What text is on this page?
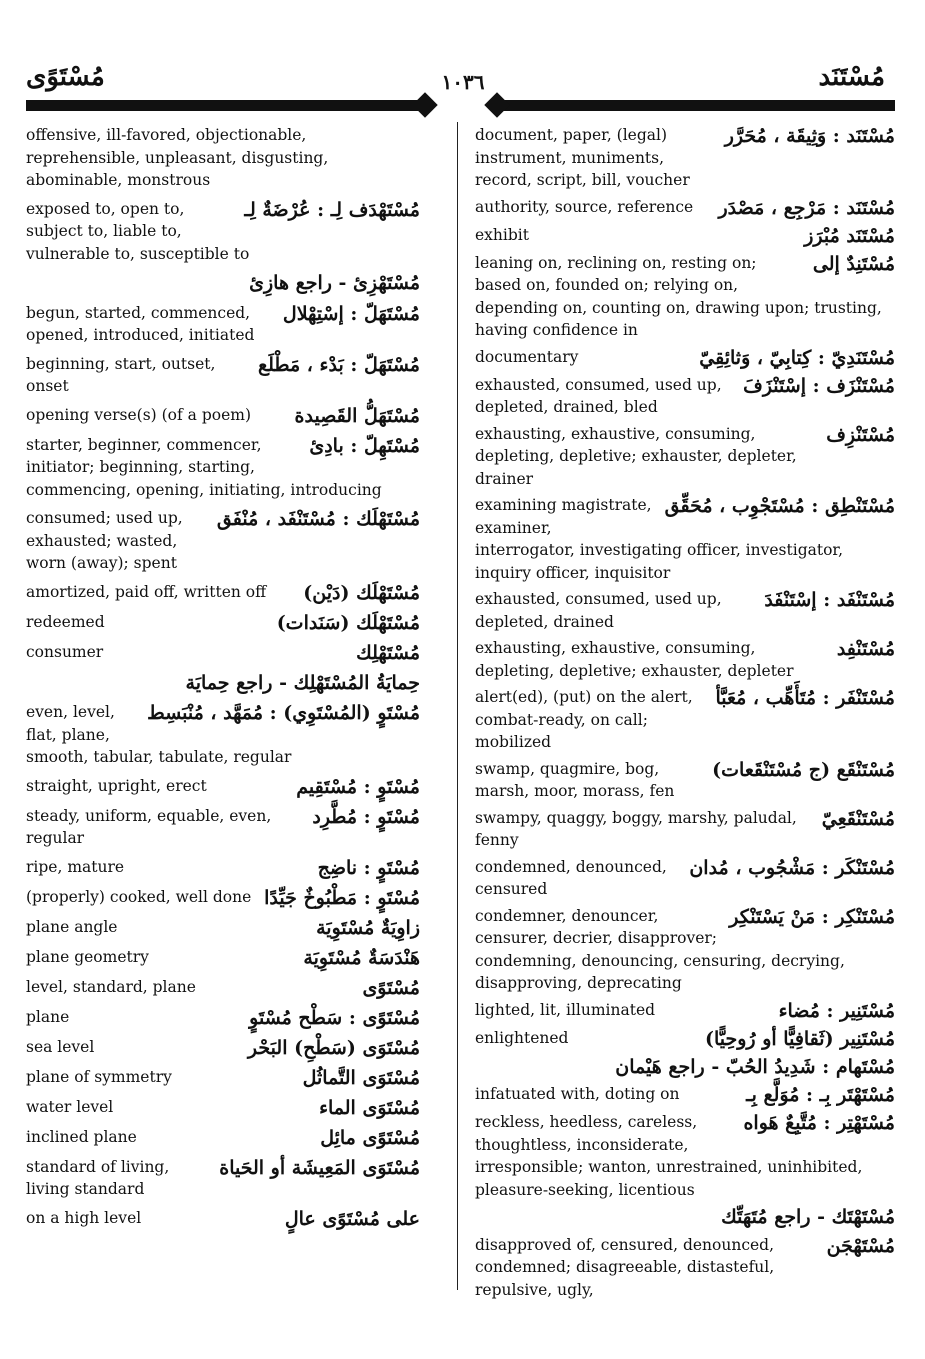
مُسْتَوًى	١٠٣٦	مُسْتَنَد
offensive, ill-favored, objectionable, reprehensible, unpleasant, disgusting, abominable, monstrous
مُسْتَهْدَف لِـ : عُرْضَةٌ لِـ
exposed to, open to, subject to, liable to, vulnerable to, susceptible to
مُسْتَهْزِئ - راجع هازِئ
مُسْتَهَلّ : إسْتِهْلال
begun, started, commenced, opened, introduced, initiated
مُسْتَهَلّ : بَدْء ، مَطْلَع
beginning, start, outset, onset
مُسْتَهَلُّ القَصِيدة
opening verse(s) (of a poem)
مُسْتَهِلّ : بادِئ
starter, beginner, commencer, initiator; beginning, starting, commencing, opening, initiating, introducing
مُسْتَهْلَك : مُسْتَنْفَد ، مُنْفَق
consumed; used up, exhausted; wasted, worn (away); spent
مُسْتَهْلَك (دَيْن)
amortized, paid off, written off
مُسْتَهْلَك (سَنَدات)
redeemed
مُسْتَهْلِك
consumer
حِمايَةُ المُسْتَهْلِك - راجع حِمايَة
مُسْتَوٍ (المُسْتَوِي) : مُمَهَّد ، مُنْبَسِط
even, level, flat, plane, smooth, tabular, tabulate, regular
مُسْتَوٍ : مُسْتَقِيم
straight, upright, erect
مُسْتَوٍ : مُطَّرِد
steady, uniform, equable, even, regular
مُسْتَوٍ : ناضِج
ripe, mature
مُسْتَوٍ : مَطْبُوخٌ جَيِّدًا
(properly) cooked, well done
زاوِيَةٌ مُسْتَوِيَة
plane angle
هَنْدَسَةٌ مُسْتَوِيَة
plane geometry
مُسْتَوًى
level, standard, plane
مُسْتَوًى : سَطْح مُسْتَوٍ
plane
مُسْتَوَى (سَطْحِ) البَحْر
sea level
مُسْتَوَى التَّماثُل
plane of symmetry
مُسْتَوَى الماء
water level
مُسْتَوًى مائِل
inclined plane
مُسْتَوَى المَعِيشَة أو الحَياة
standard of living, living standard
على مُسْتَوًى عالٍ
on a high level
مُسْتَنَد : وَثِيقَة ، مُحَرَّر
document, paper, (legal) instrument, muniments, record, script, bill, voucher
مُسْتَنَد : مَرْجِع ، مَصْدَر
authority, source, reference
مُسْتَنَد مُبْرَز
exhibit
مُسْتَنِدٌ إلى
leaning on, reclining on, resting on; based on, founded on; relying on, depending on, counting on, drawing upon; trusting, having confidence in
مُسْتَنَدِيّ : كِتابِيّ ، وَثائِقِيّ
documentary
مُسْتَنْزَف : إسْتَنْزَفَ
exhausted, consumed, used up, depleted, drained, bled
مُسْتَنْزِف
exhausting, exhaustive, consuming, depleting, depletive; exhauster, depleter, drainer
مُسْتَنْطِق : مُسْتَجْوِب ، مُحَقِّق
examining magistrate, examiner, interrogator, investigating officer, investigator, inquiry officer, inquisitor
مُسْتَنْفَد : إسْتَنْفَدَ
exhausted, consumed, used up, depleted, drained
مُسْتَنْفِد
exhausting, exhaustive, consuming, depleting, depletive; exhauster, depleter
مُسْتَنْفَر : مُتَأَهِّب ، مُعَبَّأ
alert(ed), (put) on the alert, combat-ready, on call; mobilized
مُسْتَنْقَع (ج مُسْتَنْقَعات)
swamp, quagmire, bog, marsh, moor, morass, fen
مُسْتَنْقَعِيّ
swampy, quaggy, boggy, marshy, paludal, fenny
مُسْتَنْكَر : مَشْجُوب ، مُدان
condemned, denounced, censured
مُسْتَنْكِر : مَنْ يَسْتَنْكِر
condemner, denouncer, censurer, decrier, disapprover; condemning, denouncing, censuring, decrying, disapproving, deprecating
مُسْتَنِير : مُضاء
lighted, lit, illuminated
مُسْتَنِير (ثَقافِيًّا أو رُوحِيًّا)
enlightened
مُسْتَهام : شَدِيدُ الحُبّ - راجع هَيْمان
مُسْتَهْتَر بِـ : مُوَلَّع بِـ
infatuated with, doting on
مُسْتَهْتِر : مُتَّبِعٌ هَواه
reckless, heedless, careless, thoughtless, inconsiderate, irresponsible; wanton, unrestrained, uninhibited, pleasure-seeking, licentious
مُسْتَهْتَك - راجع مُتَهَتِّك
مُسْتَهْجَن
disapproved of, censured, denounced, condemned; disagreeable, distasteful, repulsive, ugly,
